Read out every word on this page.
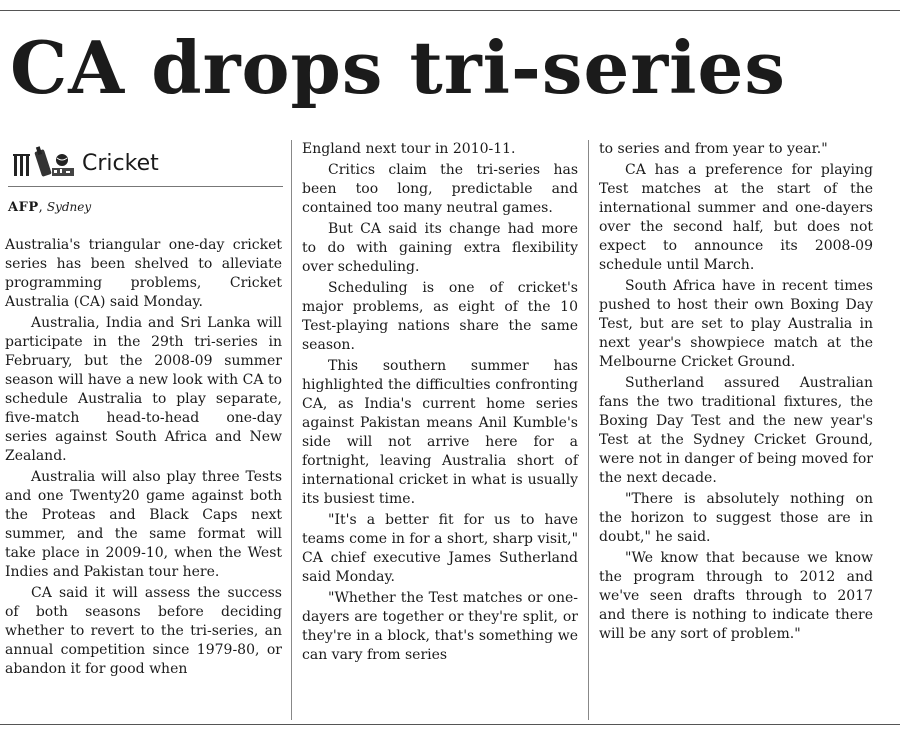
CA drops tri-series
Cricket
AFP, Sydney

Australia's triangular one-day cricket series has been shelved to alleviate programming problems, Cricket Australia (CA) said Monday.

Australia, India and Sri Lanka will participate in the 29th tri-series in February, but the 2008-09 summer season will have a new look with CA to schedule Australia to play separate, five-match head-to-head one-day series against South Africa and New Zealand.

Australia will also play three Tests and one Twenty20 game against both the Proteas and Black Caps next summer, and the same format will take place in 2009-10, when the West Indies and Pakistan tour here.

CA said it will assess the success of both seasons before deciding whether to revert to the tri-series, an annual competition since 1979-80, or abandon it for good when

England next tour in 2010-11.

Critics claim the tri-series has been too long, predictable and contained too many neutral games.

But CA said its change had more to do with gaining extra flexibility over scheduling.

Scheduling is one of cricket's major problems, as eight of the 10 Test-playing nations share the same season.

This southern summer has highlighted the difficulties confronting CA, as India's current home series against Pakistan means Anil Kumble's side will not arrive here for a fortnight, leaving Australia short of international cricket in what is usually its busiest time.

"It's a better fit for us to have teams come in for a short, sharp visit," CA chief executive James Sutherland said Monday.

"Whether the Test matches or one-dayers are together or they're split, or they're in a block, that's something we can vary from series

to series and from year to year."

CA has a preference for playing Test matches at the start of the international summer and one-dayers over the second half, but does not expect to announce its 2008-09 schedule until March.

South Africa have in recent times pushed to host their own Boxing Day Test, but are set to play Australia in next year's showpiece match at the Melbourne Cricket Ground.

Sutherland assured Australian fans the two traditional fixtures, the Boxing Day Test and the new year's Test at the Sydney Cricket Ground, were not in danger of being moved for the next decade.

"There is absolutely nothing on the horizon to suggest those are in doubt," he said.

"We know that because we know the program through to 2012 and we've seen drafts through to 2017 and there is nothing to indicate there will be any sort of problem."
